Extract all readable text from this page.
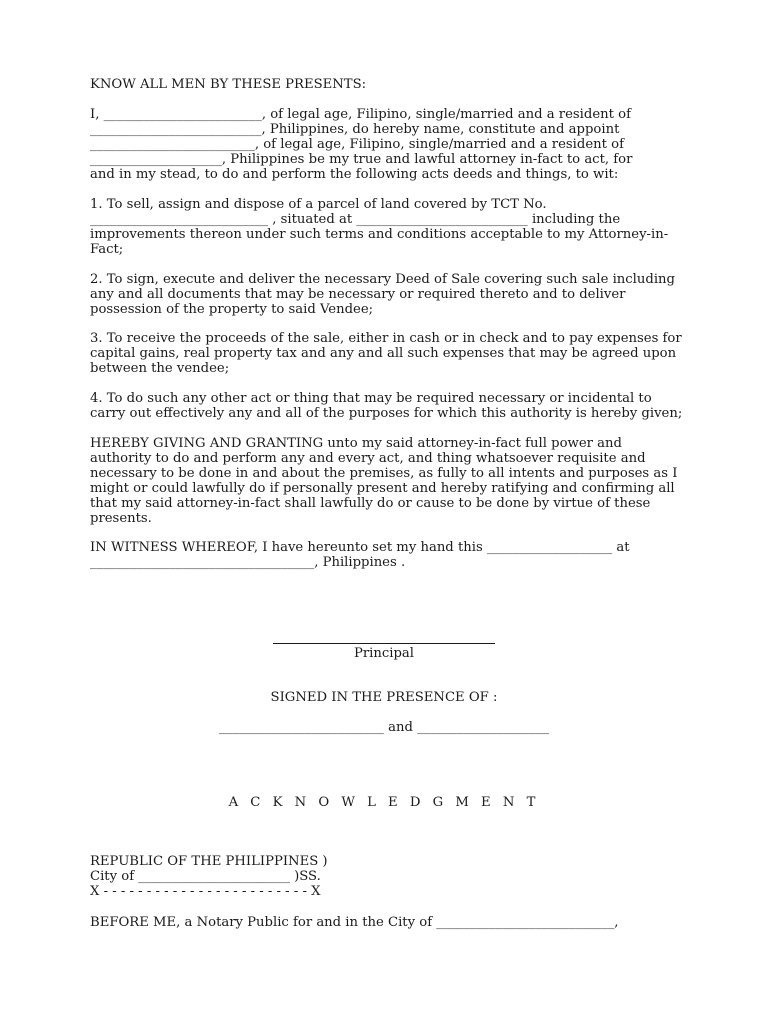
KNOW ALL MEN BY THESE PRESENTS:
I, ________________________, of legal age, Filipino, single/married and a resident of
__________________________, Philippines, do hereby name, constitute and appoint
_________________________, of legal age, Filipino, single/married and a resident of
____________________, Philippines be my true and lawful attorney in-fact to act, for
and in my stead, to do and perform the following acts deeds and things, to wit:
1. To sell, assign and dispose of a parcel of land covered by TCT No.
___________________________ , situated at __________________________ including the
improvements thereon under such terms and conditions acceptable to my Attorney-in-
Fact;
2. To sign, execute and deliver the necessary Deed of Sale covering such sale including
any and all documents that may be necessary or required thereto and to deliver
possession of the property to said Vendee;
3. To receive the proceeds of the sale, either in cash or in check and to pay expenses for
capital gains, real property tax and any and all such expenses that may be agreed upon
between the vendee;
4. To do such any other act or thing that may be required necessary or incidental to
carry out effectively any and all of the purposes for which this authority is hereby given;
HEREBY GIVING AND GRANTING unto my said attorney-in-fact full power and
authority to do and perform any and every act, and thing whatsoever requisite and
necessary to be done in and about the premises, as fully to all intents and purposes as I
might or could lawfully do if personally present and hereby ratifying and confirming all
that my said attorney-in-fact shall lawfully do or cause to be done by virtue of these
presents.
IN WITNESS WHEREOF, I have hereunto set my hand this ___________________ at
__________________________________, Philippines .
Principal
SIGNED IN THE PRESENCE OF :
_________________________ and ____________________
A C K N O W L E D G M E N T
REPUBLIC OF THE PHILIPPINES )
City of _______________________ )SS.
X - - - - - - - - - - - - - - - - - - - - - - - - X
BEFORE ME, a Notary Public for and in the City of ___________________________,
